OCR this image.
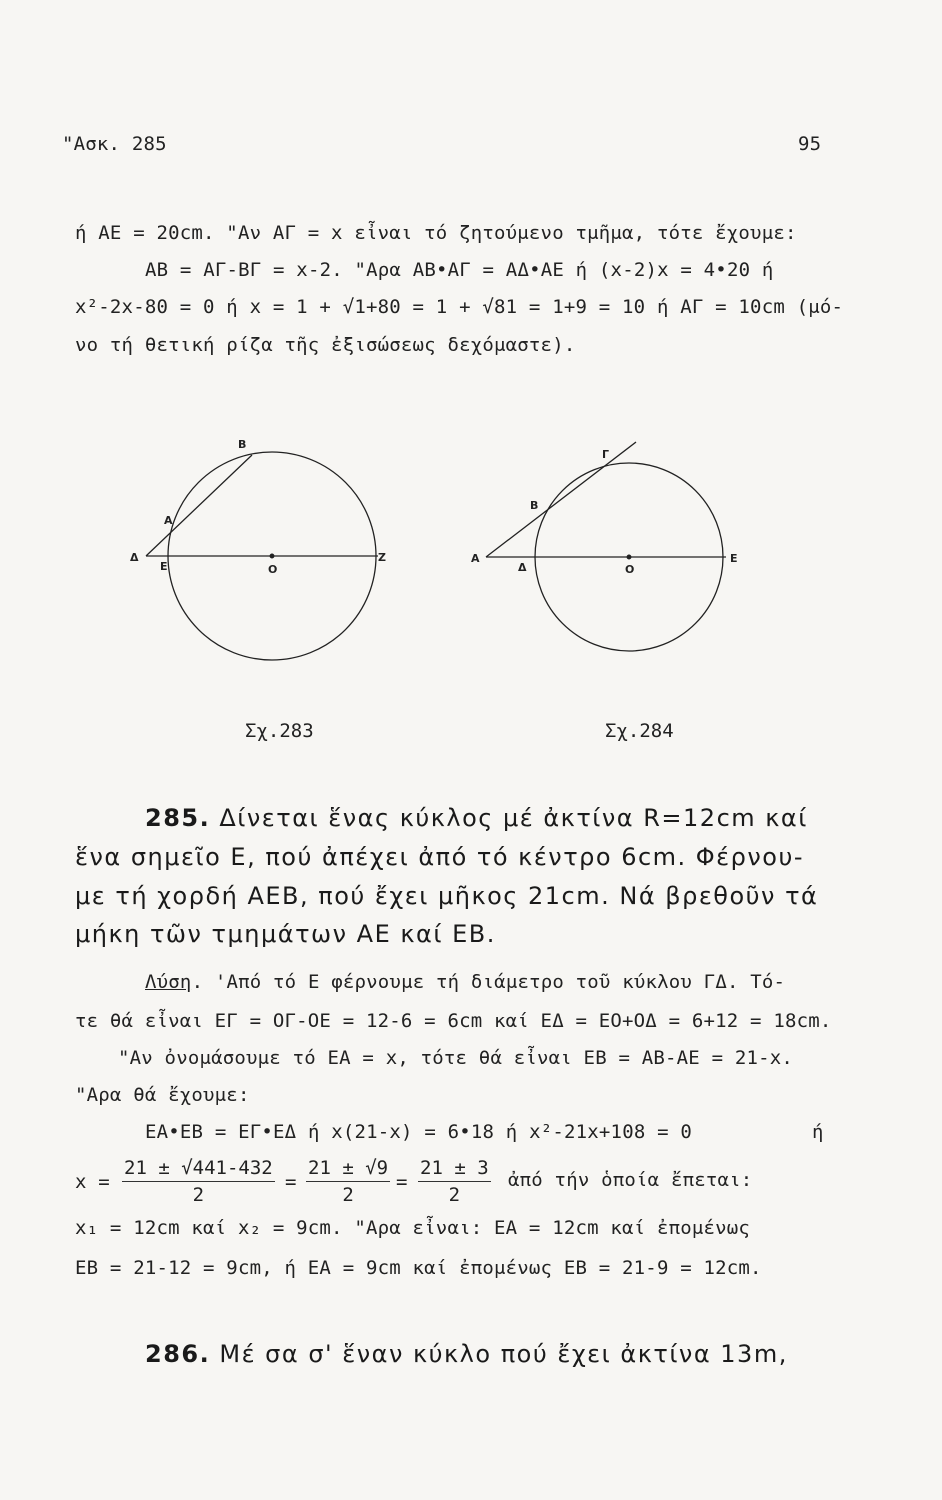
"Ασκ. 285	95
ή ΑΕ = 20cm. "Αν ΑΓ = x εἶναι τό ζητούμενο τμῆμα, τότε ἔχουμε:
ΑΒ = ΑΓ-ΒΓ = x-2. "Αρα ΑΒ•ΑΓ = ΑΔ•ΑΕ ή (x-2)x = 4•20 ή
x²-2x-80 = 0 ή x = 1 + √1+80 = 1 + √81 = 1+9 = 10 ή ΑΓ = 10cm (μό-
νο τή θετική ρίζα τῆς ἐξισώσεως δεχόμαστε).
B
A
Δ
E	O
Z
Γ
B
A
Δ	O
E
Σχ.283	Σχ.284
285. Δίνεται ἕνας κύκλος μέ ἀκτίνα R=12cm καί
ἕνα σημεῖο Ε, πού ἀπέχει ἀπό τό κέντρο 6cm. Φέρνου-
με τή χορδή ΑΕΒ, πού ἔχει μῆκος 21cm. Νά βρεθοῦν τά
μήκη τῶν τμημάτων ΑΕ καί ΕΒ.
Λύση. 'Από τό Ε φέρνουμε τή διάμετρο τοῦ κύκλου ΓΔ. Τό-
τε θά εἶναι ΕΓ = ΟΓ-ΟΕ = 12-6 = 6cm καί ΕΔ = ΕΟ+ΟΔ = 6+12 = 18cm.
"Αν ὀνομάσουμε τό ΕΑ = x, τότε θά εἶναι ΕΒ = ΑΒ-ΑΕ = 21-x.
"Αρα θά ἔχουμε:
ΕΑ•ΕΒ = ΕΓ•ΕΔ ή x(21-x) = 6•18 ή x²-21x+108 = 0	ή
$x = \frac{21 \pm √441-432}{2} = \frac{21 \pm √9}{2} = \frac{21 \pm 3}{2}$ ἀπό τήν ὁποία ἔπεται:
x₁ = 12cm καί x₂ = 9cm. "Αρα εἶναι: ΕΑ = 12cm καί ἐπομένως
ΕΒ = 21-12 = 9cm, ή ΕΑ = 9cm καί ἐπομένως ΕΒ = 21-9 = 12cm.
286. Μέ σα σ' ἕναν κύκλο πού ἔχει ἀκτίνα 13m,
